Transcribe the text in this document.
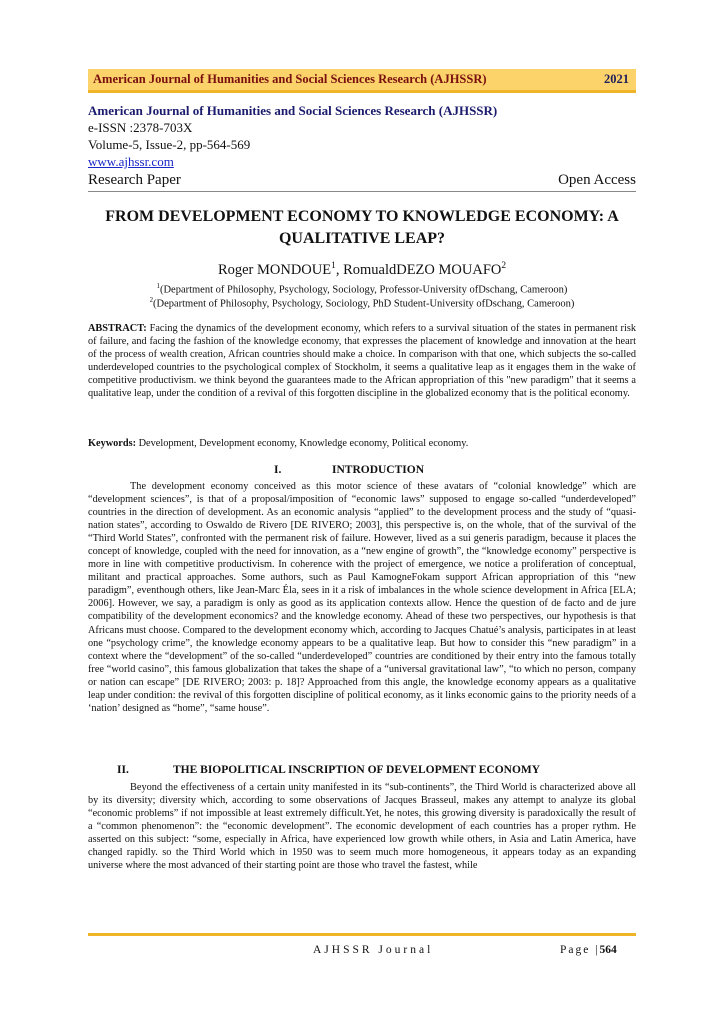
American Journal of Humanities and Social Sciences Research (AJHSSR)	2021
American Journal of Humanities and Social Sciences Research (AJHSSR)
e-ISSN :2378-703X
Volume-5, Issue-2, pp-564-569
www.ajhssr.com
Research Paper	Open Access
FROM DEVELOPMENT ECONOMY TO KNOWLEDGE ECONOMY: A QUALITATIVE LEAP?
Roger MONDOUE$^1$, RomualdDEZO MOUAFO$^2$
$^1$(Department of Philosophy, Psychology, Sociology, Professor-University ofDschang, Cameroon)
$^2$(Department of Philosophy, Psychology, Sociology, PhD Student-University ofDschang, Cameroon)
ABSTRACT: Facing the dynamics of the development economy, which refers to a survival situation of the states in permanent risk of failure, and facing the fashion of the knowledge economy, that expresses the placement of knowledge and innovation at the heart of the process of wealth creation, African countries should make a choice. In comparison with that one, which subjects the so-called underdeveloped countries to the psychological complex of Stockholm, it seems a qualitative leap as it engages them in the wake of competitive productivism. we think beyond the guarantees made to the African appropriation of this "new paradigm" that it seems a qualitative leap, under the condition of a revival of this forgotten discipline in the globalized economy that is the political economy.
Keywords: Development, Development economy, Knowledge economy, Political economy.
I.	INTRODUCTION
The development economy conceived as this motor science of these avatars of “colonial knowledge” which are “development sciences”, is that of a proposal/imposition of “economic laws” supposed to engage so-called “underdeveloped” countries in the direction of development. As an economic analysis “applied” to the development process and the study of “quasi-nation states”, according to Oswaldo de Rivero [DE RIVERO; 2003], this perspective is, on the whole, that of the survival of the “Third World States”, confronted with the permanent risk of failure. However, lived as a sui generis paradigm, because it places the concept of knowledge, coupled with the need for innovation, as a “new engine of growth”, the “knowledge economy” perspective is more in line with competitive productivism. In coherence with the project of emergence, we notice a proliferation of conceptual, militant and practical approaches. Some authors, such as Paul KamogneFokam support African appropriation of this “new paradigm”, eventhough others, like Jean-Marc Éla, sees in it a risk of imbalances in the whole science development in Africa [ELA; 2006]. However, we say, a paradigm is only as good as its application contexts allow. Hence the question of de facto and de jure compatibility of the development economics? and the knowledge economy. Ahead of these two perspectives, our hypothesis is that Africans must choose. Compared to the development economy which, according to Jacques Chatué’s analysis, participates in at least one “psychology crime”, the knowledge economy appears to be a qualitative leap. But how to consider this “new paradigm” in a context where the “development” of the so-called “underdeveloped” countries are conditioned by their entry into the famous totally free “world casino”, this famous globalization that takes the shape of a “universal gravitational law”, “to which no person, company or nation can escape” [DE RIVERO; 2003: p. 18]? Approached from this angle, the knowledge economy appears as a qualitative leap under condition: the revival of this forgotten discipline of political economy, as it links economic gains to the priority needs of a ‘nation’ designed as “home”, “same house”.
II.	THE BIOPOLITICAL INSCRIPTION OF DEVELOPMENT ECONOMY
Beyond the effectiveness of a certain unity manifested in its “sub-continents”, the Third World is characterized above all by its diversity; diversity which, according to some observations of Jacques Brasseul, makes any attempt to analyze its global “economic problems” if not impossible at least extremely difficult.Yet, he notes, this growing diversity is paradoxically the result of a “common phenomenon”: the “economic development”. The economic development of each countries has a proper rythm. He asserted on this subject: “some, especially in Africa, have experienced low growth while others, in Asia and Latin America, have changed rapidly. so the Third World which in 1950 was to seem much more homogeneous, it appears today as an expanding universe where the most advanced of their starting point are those who travel the fastest, while
AJHSSR Journal	Page |564
